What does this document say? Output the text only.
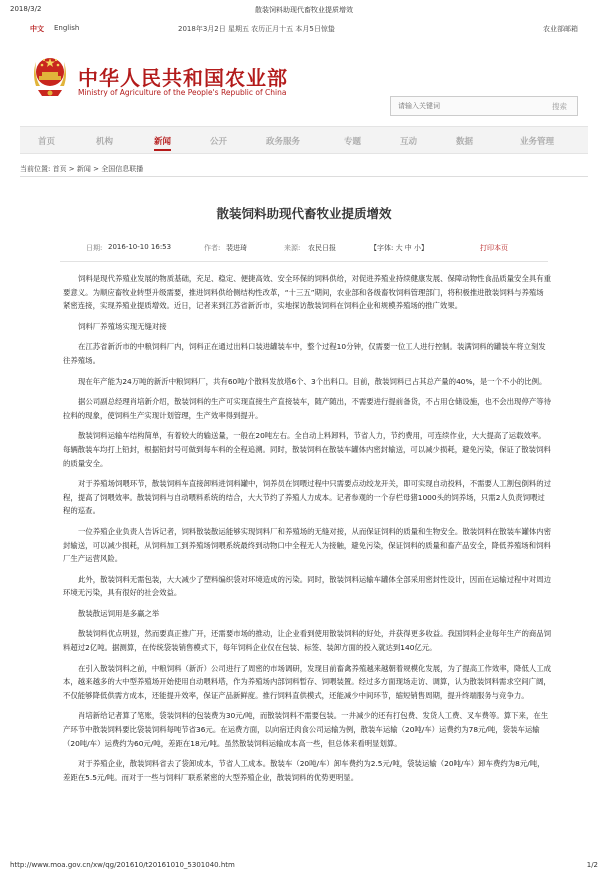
2018/3/2	散装饲料助现代畜牧业提质增效
中文 English	2018年3月2日 星期五 农历正月十五 本月5日惊蛰	农业部邮箱
中华人民共和国农业部
Ministry of Agriculture of the People's Republic of China
请输入关键词
搜索
首页	机构	新闻	公开	政务服务	专题	互动	数据	业务管理
当前位置: 首页 > 新闻 > 全国信息联播
散装饲料助现代畜牧业提质增效
日期: 2016-10-10 16:53	作者: 裴进琦	来源: 农民日报	【字体: 大 中 小】	打印本页

饲料是现代养殖业发展的物质基础，充足、稳定、便捷高效、安全环保的饲料供给，对促进养殖业持续健康发展、保障动物性食品质量安全具有重要意义。为顺应畜牧业转型升级需要，推进饲料供给侧结构性改革，“十三五”期间，农业部和各级畜牧饲料管理部门，将积极推进散装饲料与养殖场紧密连接，实现养殖业提质增效。近日，记者来到江苏省新沂市，实地探访散装饲料在饲料企业和规模养殖场的推广效果。

饲料厂养殖场实现无缝对接

在江苏省新沂市的中粮饲料厂内，饲料正在通过出料口装进罐装车中，整个过程10分钟，仅需要一位工人进行控制。装满饲料的罐装车将立刻发往养殖场。

现在年产能为24万吨的新沂中粮饲料厂，共有60吨/个散料发放塔6个、3个出料口。目前，散装饲料已占其总产量的40%，是一个不小的比例。

据公司副总经理肖培新介绍，散装饲料的生产可实现直接生产直接装车，随产随出，不需要进行提前备货，不占用仓储设施，也不会出现停产等待拉料的现象，使饲料生产实现计划管理，生产效率得到提升。

散装饲料运输车结构简单，有着较大的输送量，一般在20吨左右。全自动上料卸料，节省人力，节约费用，可连续作业，大大提高了运载效率。每辆散装车均打上铅封，根据铅封号可做到每车料的全程追溯。同时，散装饲料在散装车罐体内密封输送，可以减少损耗，避免污染，保证了散装饲料的质量安全。

对于养殖场饲喂环节，散装饲料车直接卸料进饲料罐中，饲养员在饲喂过程中只需要点动绞龙开关，即可实现自动投料，不需要人工割包倒料的过程，提高了饲喂效率。散装饲料与自动喂料系统的结合，大大节约了养殖人力成本。记者参观的一个存栏母猪1000头的饲养场，只需2人负责饲喂过程的巡查。

一位养殖企业负责人告诉记者，饲料散装散运能够实现饲料厂和养殖场的无缝对接，从而保证饲料的质量和生物安全。散装饲料在散装车罐体内密封输送，可以减少损耗，从饲料加工到养殖场饲喂系统最终到动物口中全程无人为接触，避免污染，保证饲料的质量和畜产品安全，降低养殖场和饲料厂生产运营风险。

此外，散装饲料无需包装，大大减少了塑料编织袋对环境造成的污染。同时，散装饲料运输车罐体全部采用密封性设计，因而在运输过程中对周边环境无污染，具有很好的社会效益。

散装散运饲用是多赢之举

散装饲料优点明显，然而要真正推广开，还需要市场的推动，让企业看到使用散装饲料的好处，并获得更多收益。我国饲料企业每年生产的商品饲料超过2亿吨。据测算，在传统袋装销售模式下，每年饲料企业仅在包装、标签、装卸方面的投入就达到140亿元。

在引入散装饲料之前，中粮饲料（新沂）公司进行了周密的市场调研，发现目前畜禽养殖越来越朝着规模化发展，为了提高工作效率，降低人工成本，越来越多的大中型养殖场开始使用自动喂料塔，作为养殖场内部饲料暂存、饲喂装置。经过多方面现场走访、调算，认为散装饲料需求空间广阔，不仅能够降低供需方成本，还能提升效率，保证产品新鲜度。推行饲料直供模式，还能减少中间环节，缩短销售周期，提升终端服务与竞争力。

肖培新给记者算了笔账，袋装饲料的包装费为30元/吨，而散装饲料不需要包装。一井减少的还有打包费、发货人工费、叉车费等。算下来，在生产环节中散装饲料要比袋装饲料每吨节省36元。在运费方面，以向宿迁肉食公司运输为例，散装车运输（20吨/车）运费约为78元/吨，袋装车运输（20吨/车）运费约为60元/吨，差距在18元/吨。虽然散装饲料运输成本高一些，但总体来看明显划算。

对于养殖企业，散装饲料省去了袋卸成本，节省人工成本。散装车（20吨/车）卸车费约为2.5元/吨，袋装运输（20吨/车）卸车费约为8元/吨，差距在5.5元/吨。而对于一些与饲料厂联系紧密的大型养殖企业，散装饲料的优势更明显。

http://www.moa.gov.cn/xw/qg/201610/t20161010_5301040.htm	1/2
